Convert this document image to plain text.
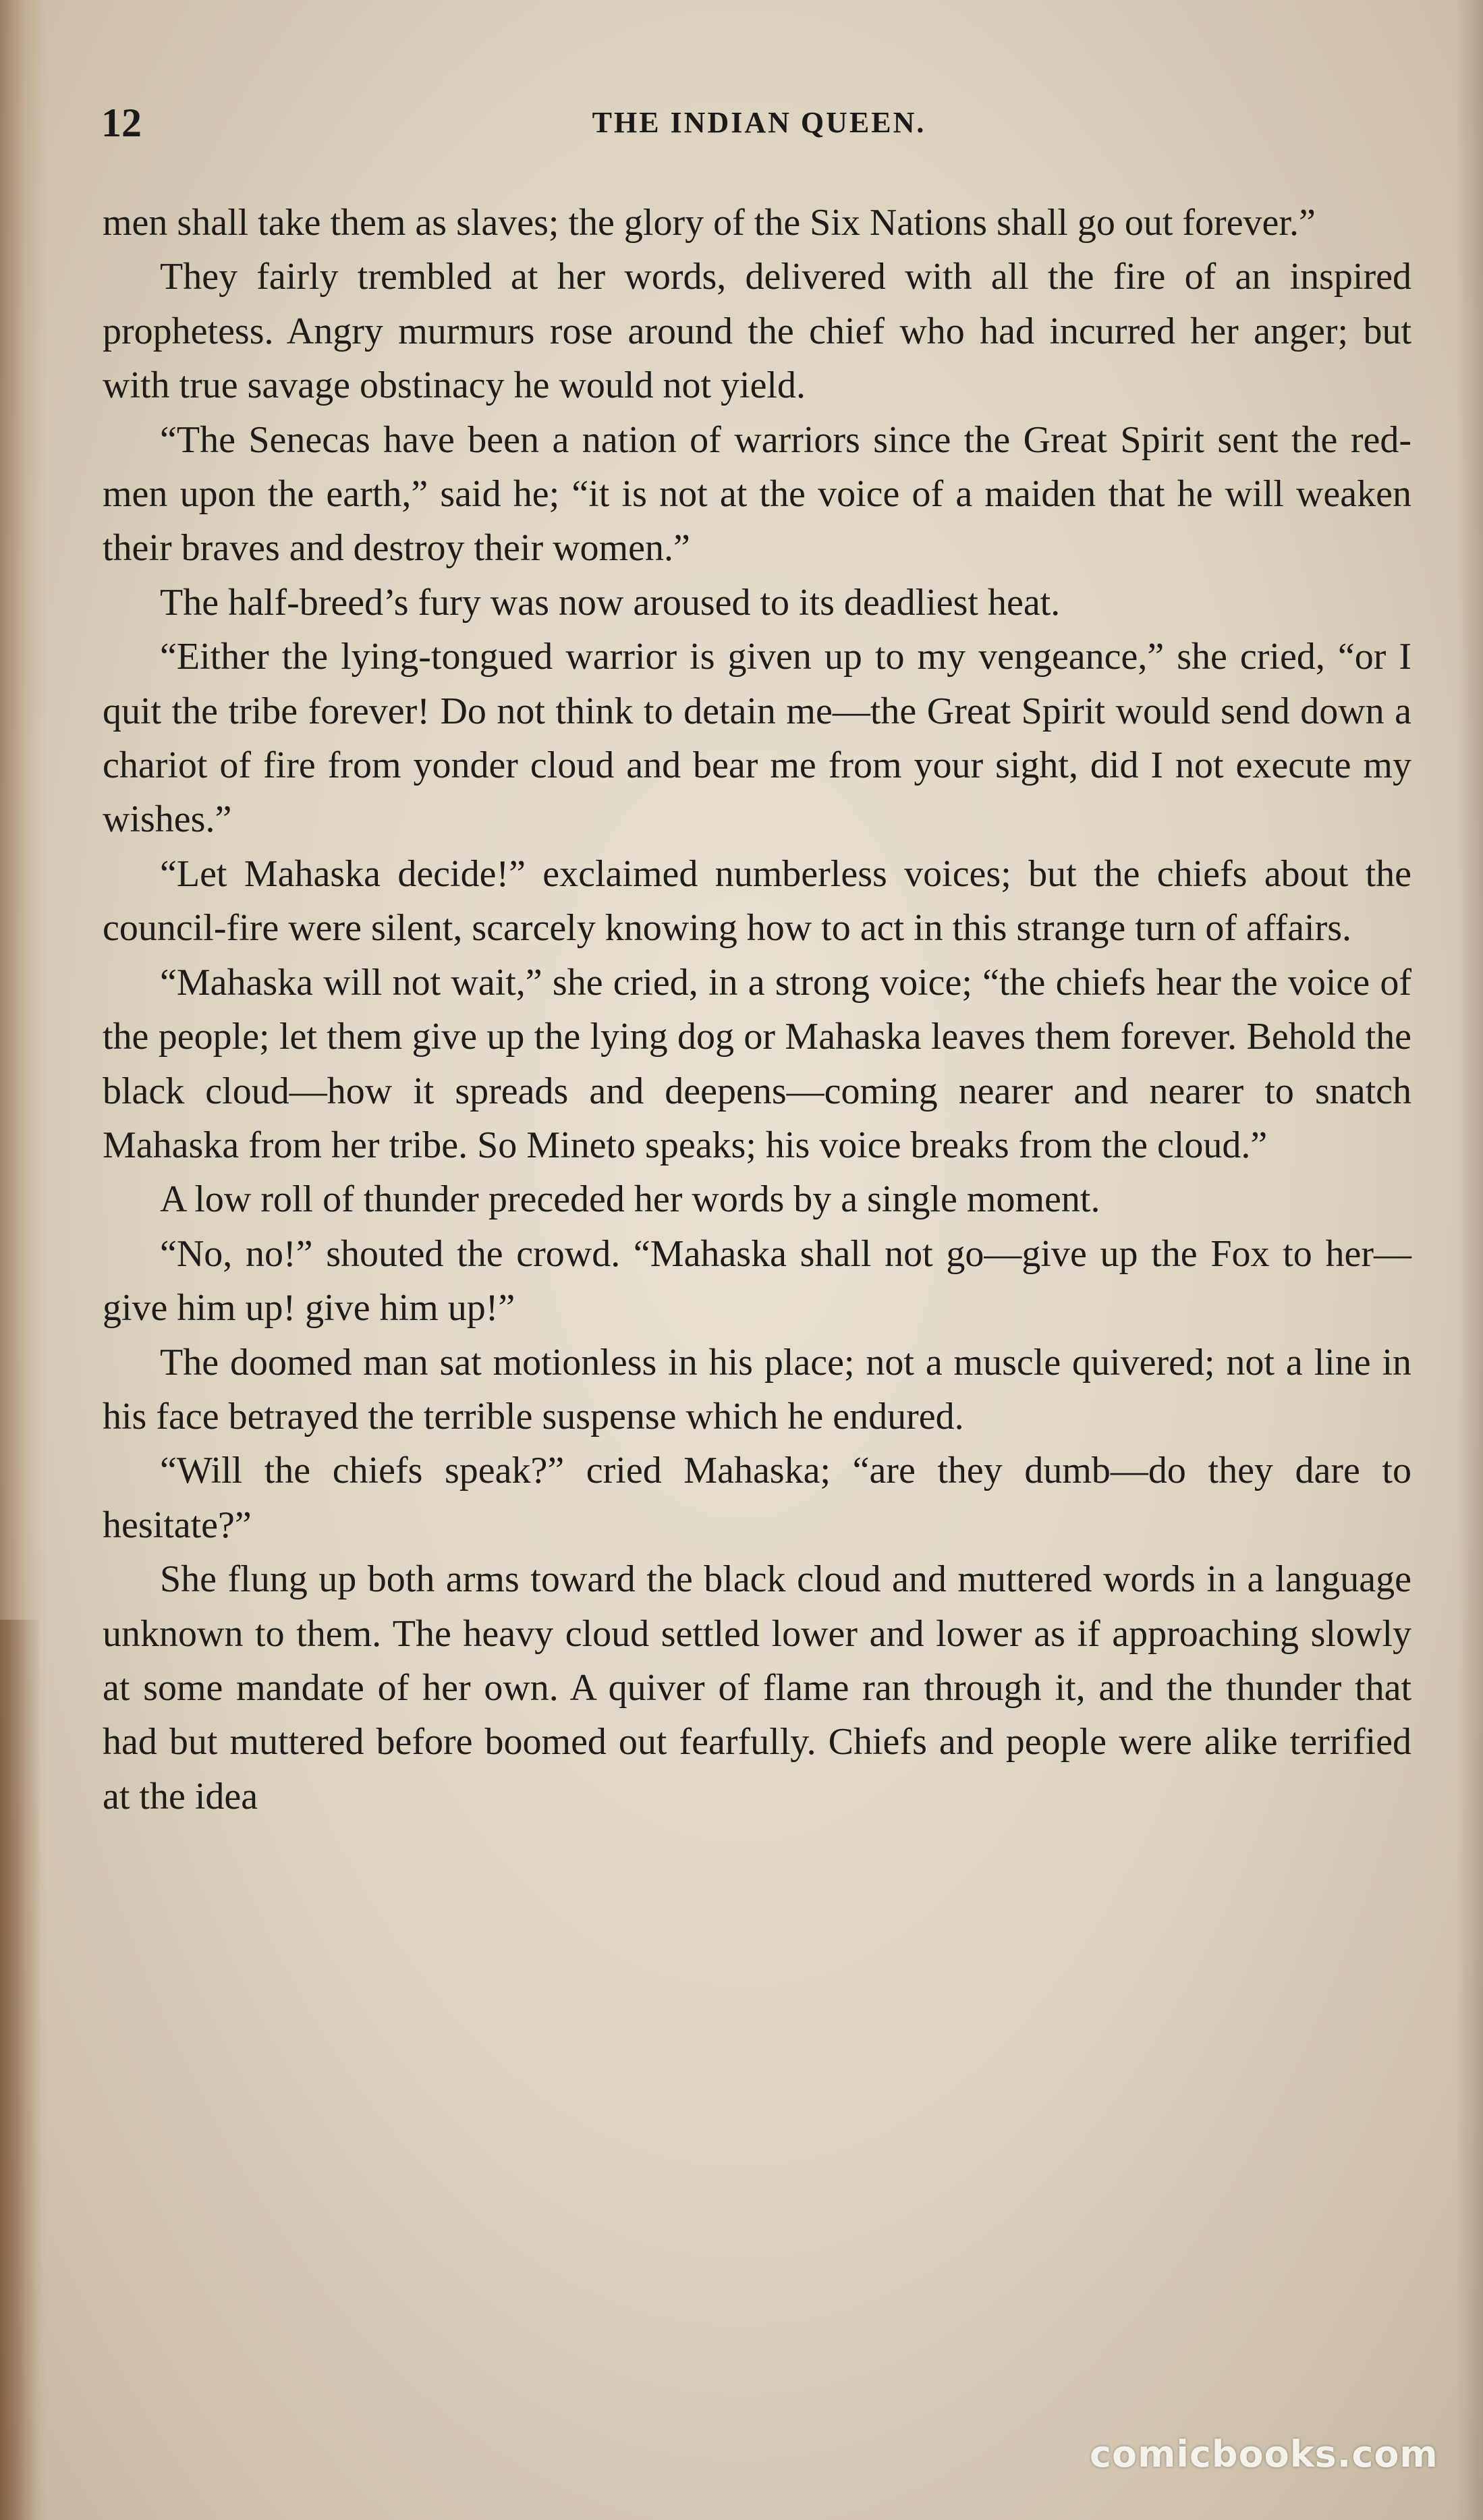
12	THE INDIAN QUEEN.

men shall take them as slaves; the glory of the Six Nations shall go out forever.”

They fairly trembled at her words, delivered with all the fire of an inspired prophetess. Angry murmurs rose around the chief who had incurred her anger; but with true savage obstinacy he would not yield.

“The Senecas have been a nation of warriors since the Great Spirit sent the red-men upon the earth,” said he; “it is not at the voice of a maiden that he will weaken their braves and destroy their women.”

The half-breed’s fury was now aroused to its deadliest heat.

“Either the lying-tongued warrior is given up to my vengeance,” she cried, “or I quit the tribe forever! Do not think to detain me—the Great Spirit would send down a chariot of fire from yonder cloud and bear me from your sight, did I not execute my wishes.”

“Let Mahaska decide!” exclaimed numberless voices; but the chiefs about the council-fire were silent, scarcely knowing how to act in this strange turn of affairs.

“Mahaska will not wait,” she cried, in a strong voice; “the chiefs hear the voice of the people; let them give up the lying dog or Mahaska leaves them forever. Behold the black cloud—how it spreads and deepens—coming nearer and nearer to snatch Mahaska from her tribe. So Mineto speaks; his voice breaks from the cloud.”

A low roll of thunder preceded her words by a single moment.

“No, no!” shouted the crowd. “Mahaska shall not go—give up the Fox to her—give him up! give him up!”

The doomed man sat motionless in his place; not a muscle quivered; not a line in his face betrayed the terrible suspense which he endured.

“Will the chiefs speak?” cried Mahaska; “are they dumb—do they dare to hesitate?”

She flung up both arms toward the black cloud and muttered words in a language unknown to them. The heavy cloud settled lower and lower as if approaching slowly at some mandate of her own. A quiver of flame ran through it, and the thunder that had but muttered before boomed out fearfully. Chiefs and people were alike terrified at the idea

comicbooks.com
